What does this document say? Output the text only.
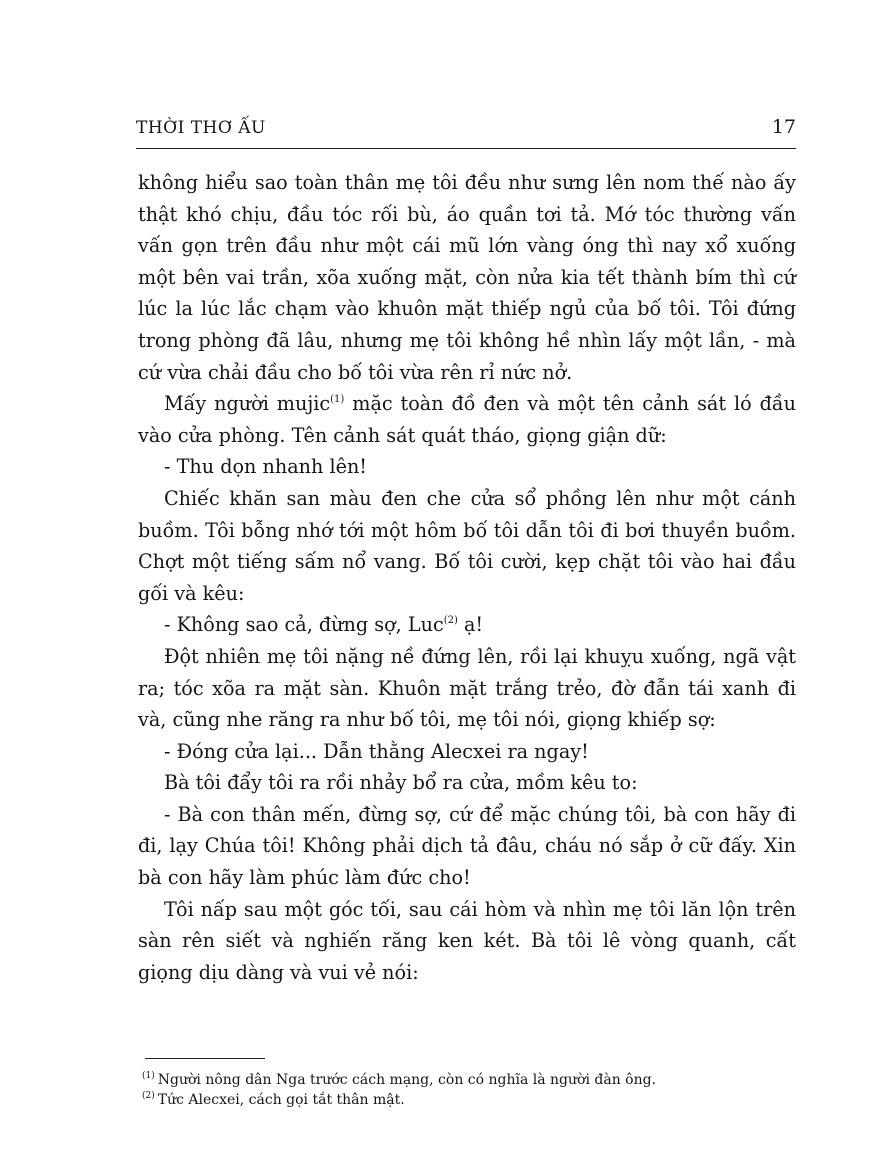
THỜI THƠ ẤU	17

không hiểu sao toàn thân mẹ tôi đều như sưng lên nom thế nào ấy thật khó chịu, đầu tóc rối bù, áo quần tơi tả. Mớ tóc thường vấn vấn gọn trên đầu như một cái mũ lớn vàng óng thì nay xổ xuống một bên vai trần, xõa xuống mặt, còn nửa kia tết thành bím thì cứ lúc la lúc lắc chạm vào khuôn mặt thiếp ngủ của bố tôi. Tôi đứng trong phòng đã lâu, nhưng mẹ tôi không hề nhìn lấy một lần, - mà cứ vừa chải đầu cho bố tôi vừa rên rỉ nức nở.

Mấy người mujic$^{(1)}$ mặc toàn đồ đen và một tên cảnh sát ló đầu vào cửa phòng. Tên cảnh sát quát tháo, giọng giận dữ:

- Thu dọn nhanh lên!

Chiếc khăn san màu đen che cửa sổ phồng lên như một cánh buồm. Tôi bỗng nhớ tới một hôm bố tôi dẫn tôi đi bơi thuyền buồm. Chợt một tiếng sấm nổ vang. Bố tôi cười, kẹp chặt tôi vào hai đầu gối và kêu:

- Không sao cả, đừng sợ, Luc$^{(2)}$ ạ!

Đột nhiên mẹ tôi nặng nề đứng lên, rồi lại khuỵu xuống, ngã vật ra; tóc xõa ra mặt sàn. Khuôn mặt trắng trẻo, đờ đẫn tái xanh đi và, cũng nhe răng ra như bố tôi, mẹ tôi nói, giọng khiếp sợ:

- Đóng cửa lại... Dẫn thằng Alecxei ra ngay!

Bà tôi đẩy tôi ra rồi nhảy bổ ra cửa, mồm kêu to:

- Bà con thân mến, đừng sợ, cứ để mặc chúng tôi, bà con hãy đi đi, lạy Chúa tôi! Không phải dịch tả đâu, cháu nó sắp ở cữ đấy. Xin bà con hãy làm phúc làm đức cho!

Tôi nấp sau một góc tối, sau cái hòm và nhìn mẹ tôi lăn lộn trên sàn rên siết và nghiến răng ken két. Bà tôi lê vòng quanh, cất giọng dịu dàng và vui vẻ nói:

$^{(1)}$ Người nông dân Nga trước cách mạng, còn có nghĩa là người đàn ông.

$^{(2)}$ Tức Alecxei, cách gọi tắt thân mật.
